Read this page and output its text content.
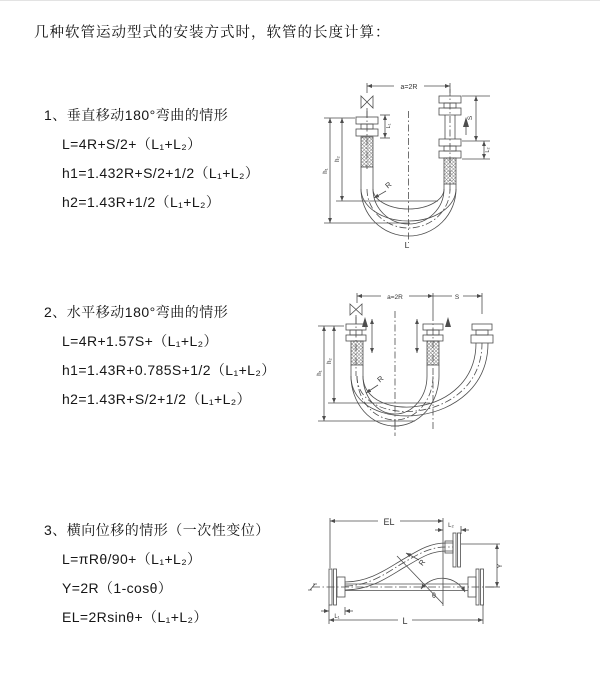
几种软管运动型式的安装方式时，软管的长度计算：
1、垂直移动180°弯曲的情形
L=4R+S/2+（L₁+L₂）
h1=1.432R+S/2+1/2（L₁+L₂）
h2=1.43R+1/2（L₁+L₂）
2、水平移动180°弯曲的情形
L=4R+1.57S+（L₁+L₂）
h1=1.43R+0.785S+1/2（L₁+L₂）
h2=1.43R+S/2+1/2（L₁+L₂）
3、横向位移的情形（一次性变位）
L=πRθ/90+（L₁+L₂）
Y=2R（1-cosθ）
EL=2Rsinθ+（L₁+L₂）
a=2R
S
L₂
L₁
h₁
h₂
R
L
a=2R	S
h₁
h₂
R
EL	L₂
Y
R
θ
L₁	L
